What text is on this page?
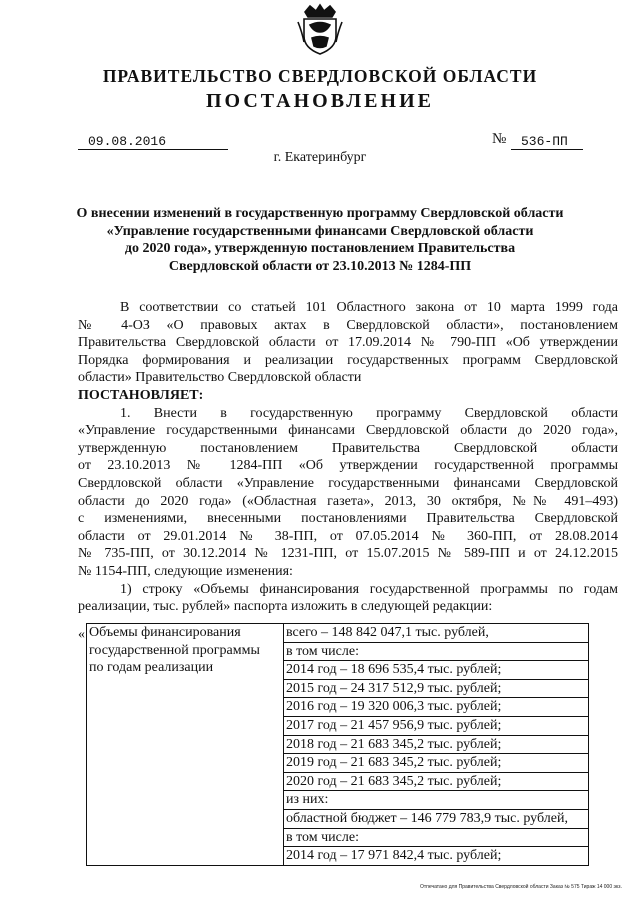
ПРАВИТЕЛЬСТВО СВЕРДЛОВСКОЙ ОБЛАСТИ
ПОСТАНОВЛЕНИЕ
09.08.2016	№	536-ПП
г. Екатеринбург
О внесении изменений в государственную программу Свердловской области
«Управление государственными финансами Свердловской области
до 2020 года», утвержденную постановлением Правительства
Свердловской области от 23.10.2013 № 1284-ПП
В соответствии со статьей 101 Областного закона от 10 марта 1999 года
№ 4-ОЗ «О правовых актах в Свердловской области», постановлением
Правительства Свердловской области от 17.09.2014 № 790-ПП «Об утверждении
Порядка формирования и реализации государственных программ Свердловской
области» Правительство Свердловской области
ПОСТАНОВЛЯЕТ:
1. Внести в государственную программу Свердловской области
«Управление государственными финансами Свердловской области до 2020 года»,
утвержденную постановлением Правительства Свердловской области
от 23.10.2013 № 1284-ПП «Об утверждении государственной программы
Свердловской области «Управление государственными финансами Свердловской
области до 2020 года» («Областная газета», 2013, 30 октября, №№ 491–493)
с изменениями, внесенными постановлениями Правительства Свердловской
области от 29.01.2014 № 38-ПП, от 07.05.2014 № 360-ПП, от 28.08.2014
№ 735-ПП, от 30.12.2014 № 1231-ПП, от 15.07.2015 № 589-ПП и от 24.12.2015
№ 1154-ПП, следующие изменения:
1) строку «Объемы финансирования государственной программы по годам
реализации, тыс. рублей» паспорта изложить в следующей редакции:
« Объемы финансирования
государственной программы
по годам реализации
	всего – 148 842 047,1 тыс. рублей,
в том числе:
2014 год – 18 696 535,4 тыс. рублей;
2015 год – 24 317 512,9 тыс. рублей;
2016 год – 19 320 006,3 тыс. рублей;
2017 год – 21 457 956,9 тыс. рублей;
2018 год – 21 683 345,2 тыс. рублей;
2019 год – 21 683 345,2 тыс. рублей;
2020 год – 21 683 345,2 тыс. рублей;
из них:
областной бюджет – 146 779 783,9 тыс. рублей,
в том числе:
2014 год – 17 971 842,4 тыс. рублей;
Отпечатано для Правительства Свердловской области Заказ № 575 Тираж 14 000 экз.
